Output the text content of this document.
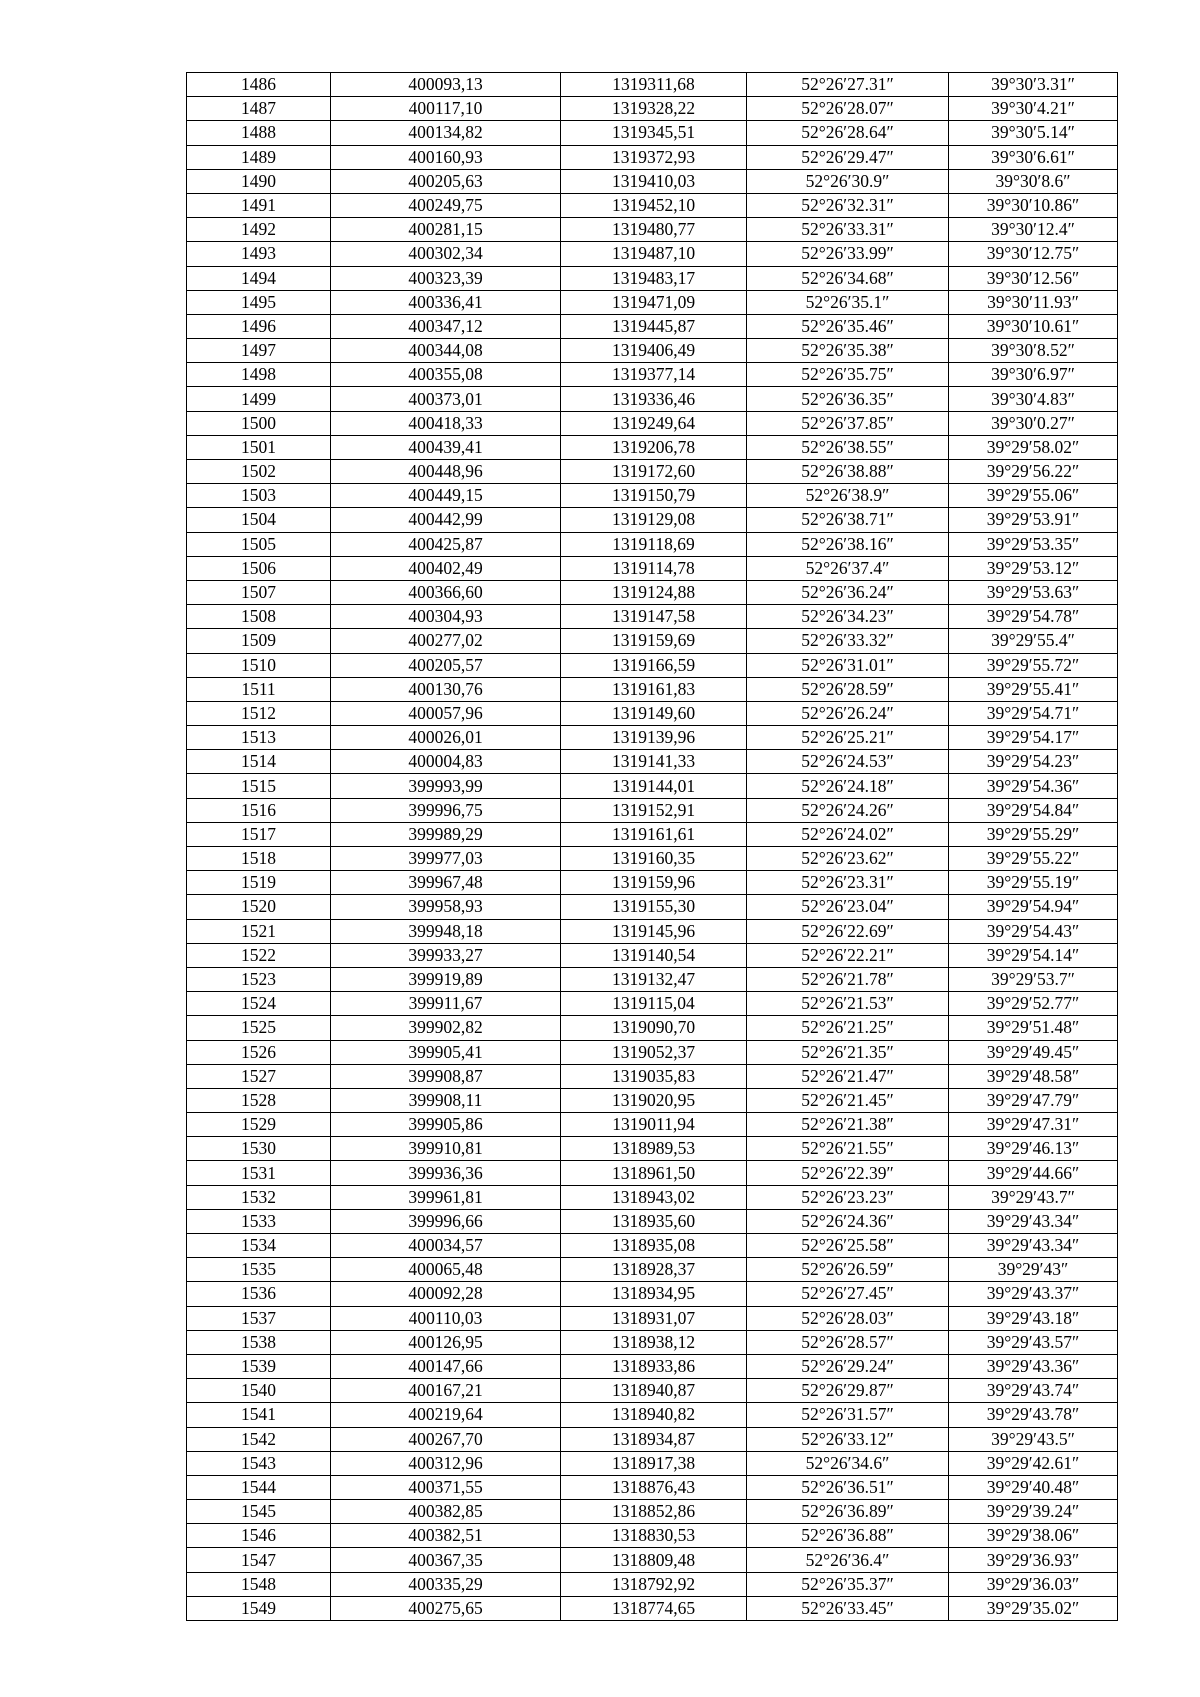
1486	400093,13	1319311,68	52°26′27.31″	39°30′3.31″
1487	400117,10	1319328,22	52°26′28.07″	39°30′4.21″
1488	400134,82	1319345,51	52°26′28.64″	39°30′5.14″
1489	400160,93	1319372,93	52°26′29.47″	39°30′6.61″
1490	400205,63	1319410,03	52°26′30.9″	39°30′8.6″
1491	400249,75	1319452,10	52°26′32.31″	39°30′10.86″
1492	400281,15	1319480,77	52°26′33.31″	39°30′12.4″
1493	400302,34	1319487,10	52°26′33.99″	39°30′12.75″
1494	400323,39	1319483,17	52°26′34.68″	39°30′12.56″
1495	400336,41	1319471,09	52°26′35.1″	39°30′11.93″
1496	400347,12	1319445,87	52°26′35.46″	39°30′10.61″
1497	400344,08	1319406,49	52°26′35.38″	39°30′8.52″
1498	400355,08	1319377,14	52°26′35.75″	39°30′6.97″
1499	400373,01	1319336,46	52°26′36.35″	39°30′4.83″
1500	400418,33	1319249,64	52°26′37.85″	39°30′0.27″
1501	400439,41	1319206,78	52°26′38.55″	39°29′58.02″
1502	400448,96	1319172,60	52°26′38.88″	39°29′56.22″
1503	400449,15	1319150,79	52°26′38.9″	39°29′55.06″
1504	400442,99	1319129,08	52°26′38.71″	39°29′53.91″
1505	400425,87	1319118,69	52°26′38.16″	39°29′53.35″
1506	400402,49	1319114,78	52°26′37.4″	39°29′53.12″
1507	400366,60	1319124,88	52°26′36.24″	39°29′53.63″
1508	400304,93	1319147,58	52°26′34.23″	39°29′54.78″
1509	400277,02	1319159,69	52°26′33.32″	39°29′55.4″
1510	400205,57	1319166,59	52°26′31.01″	39°29′55.72″
1511	400130,76	1319161,83	52°26′28.59″	39°29′55.41″
1512	400057,96	1319149,60	52°26′26.24″	39°29′54.71″
1513	400026,01	1319139,96	52°26′25.21″	39°29′54.17″
1514	400004,83	1319141,33	52°26′24.53″	39°29′54.23″
1515	399993,99	1319144,01	52°26′24.18″	39°29′54.36″
1516	399996,75	1319152,91	52°26′24.26″	39°29′54.84″
1517	399989,29	1319161,61	52°26′24.02″	39°29′55.29″
1518	399977,03	1319160,35	52°26′23.62″	39°29′55.22″
1519	399967,48	1319159,96	52°26′23.31″	39°29′55.19″
1520	399958,93	1319155,30	52°26′23.04″	39°29′54.94″
1521	399948,18	1319145,96	52°26′22.69″	39°29′54.43″
1522	399933,27	1319140,54	52°26′22.21″	39°29′54.14″
1523	399919,89	1319132,47	52°26′21.78″	39°29′53.7″
1524	399911,67	1319115,04	52°26′21.53″	39°29′52.77″
1525	399902,82	1319090,70	52°26′21.25″	39°29′51.48″
1526	399905,41	1319052,37	52°26′21.35″	39°29′49.45″
1527	399908,87	1319035,83	52°26′21.47″	39°29′48.58″
1528	399908,11	1319020,95	52°26′21.45″	39°29′47.79″
1529	399905,86	1319011,94	52°26′21.38″	39°29′47.31″
1530	399910,81	1318989,53	52°26′21.55″	39°29′46.13″
1531	399936,36	1318961,50	52°26′22.39″	39°29′44.66″
1532	399961,81	1318943,02	52°26′23.23″	39°29′43.7″
1533	399996,66	1318935,60	52°26′24.36″	39°29′43.34″
1534	400034,57	1318935,08	52°26′25.58″	39°29′43.34″
1535	400065,48	1318928,37	52°26′26.59″	39°29′43″
1536	400092,28	1318934,95	52°26′27.45″	39°29′43.37″
1537	400110,03	1318931,07	52°26′28.03″	39°29′43.18″
1538	400126,95	1318938,12	52°26′28.57″	39°29′43.57″
1539	400147,66	1318933,86	52°26′29.24″	39°29′43.36″
1540	400167,21	1318940,87	52°26′29.87″	39°29′43.74″
1541	400219,64	1318940,82	52°26′31.57″	39°29′43.78″
1542	400267,70	1318934,87	52°26′33.12″	39°29′43.5″
1543	400312,96	1318917,38	52°26′34.6″	39°29′42.61″
1544	400371,55	1318876,43	52°26′36.51″	39°29′40.48″
1545	400382,85	1318852,86	52°26′36.89″	39°29′39.24″
1546	400382,51	1318830,53	52°26′36.88″	39°29′38.06″
1547	400367,35	1318809,48	52°26′36.4″	39°29′36.93″
1548	400335,29	1318792,92	52°26′35.37″	39°29′36.03″
1549	400275,65	1318774,65	52°26′33.45″	39°29′35.02″
